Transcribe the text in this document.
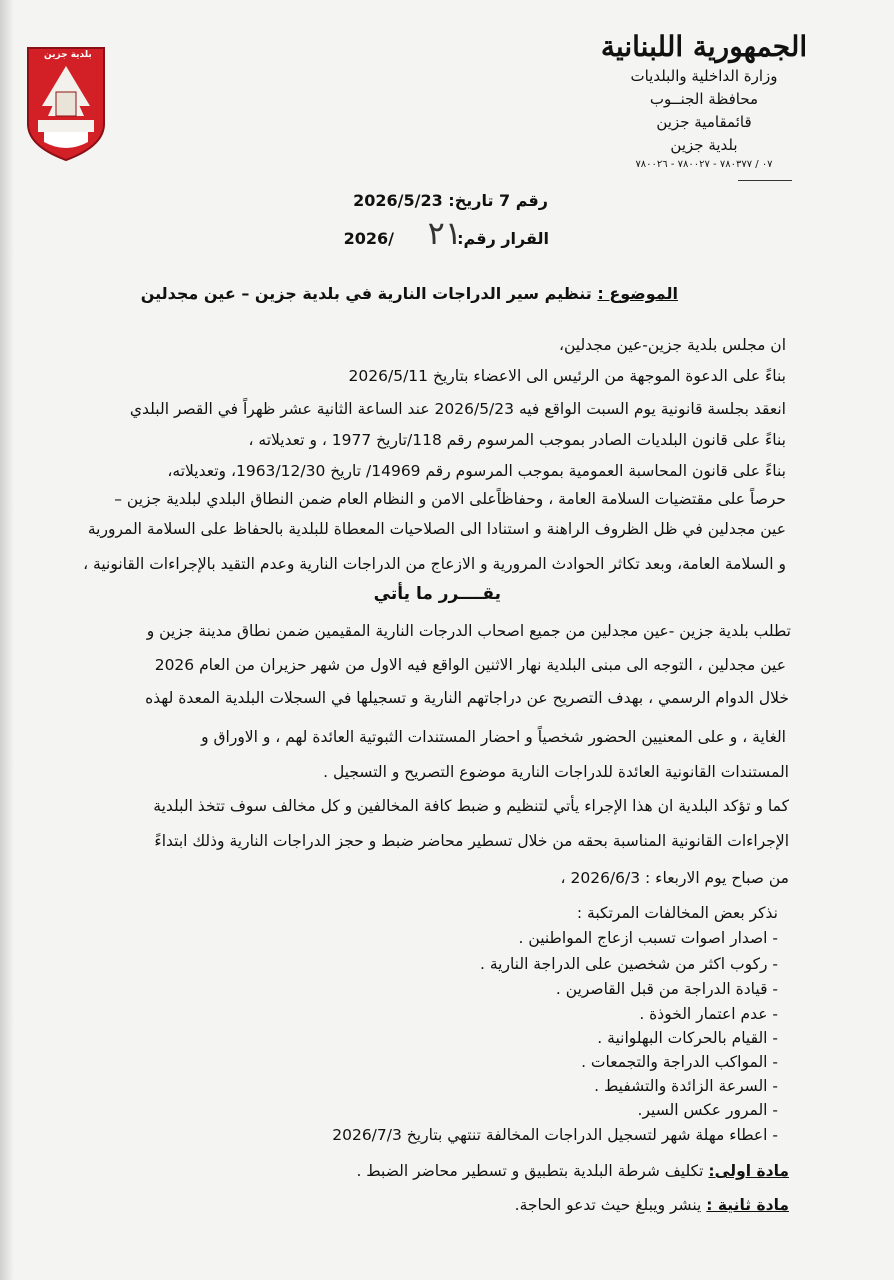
بلدية جزين	الجمهورية اللبنانية
وزارة الداخلية والبلديات
محافظة الجنــوب
قائمقامية جزين
بلدية جزين
٠٧ / ٧٨٠٣٧٧ - ٧٨٠٠٢٧ - ٧٨٠٠٢٦
رقم 7 تاريخ: 2026/5/23
القرار رقم:
٢١
2026/
الموضوع : تنظيم سير الدراجات النارية في بلدية جزين – عين مجدلين
ان مجلس بلدية جزين-عين مجدلين،
بناءً على الدعوة الموجهة من الرئيس الى الاعضاء بتاريخ 2026/5/11
انعقد بجلسة قانونية يوم السبت الواقع فيه 2026/5/23 عند الساعة الثانية عشر ظهراً في القصر البلدي
بناءً على قانون البلديات الصادر بموجب المرسوم رقم 118/تاريخ 1977 ، و تعديلاته ،
بناءً على قانون المحاسبة العمومية بموجب المرسوم رقم 14969/ تاريخ 1963/12/30، وتعديلاته،
حرصاً على مقتضيات السلامة العامة ، وحفاظاًعلى الامن و النظام العام ضمن النطاق البلدي لبلدية جزين –
عين مجدلين في ظل الظروف الراهنة و استنادا الى الصلاحيات المعطاة للبلدية بالحفاظ على السلامة المرورية
و السلامة العامة، وبعد تكاثر الحوادث المرورية و الازعاج من الدراجات النارية وعدم التقيد بالإجراءات القانونية ،
يقــــرر ما يأتي
تطلب بلدية جزين -عين مجدلين من جميع اصحاب الدرجات النارية المقيمين ضمن نطاق مدينة جزين و
عين مجدلين ، التوجه الى مبنى البلدية نهار الاثنين الواقع فيه الاول من شهر حزيران من العام 2026
خلال الدوام الرسمي ، بهدف التصريح عن دراجاتهم النارية و تسجيلها في السجلات البلدية المعدة لهذه
الغاية ، و على المعنيين الحضور شخصياً و احضار المستندات الثبوتية العائدة لهم ، و الاوراق و
المستندات القانونية العائدة للدراجات النارية موضوع التصريح و التسجيل .
كما و تؤكد البلدية ان هذا الإجراء يأتي لتنظيم و ضبط كافة المخالفين و كل مخالف سوف تتخذ البلدية
الإجراءات القانونية المناسبة بحقه من خلال تسطير محاضر ضبط و حجز الدراجات النارية وذلك ابتداءً
من صباح يوم الاربعاء : 2026/6/3 ،
نذكر بعض المخالفات المرتكبة :
- اصدار اصوات تسبب ازعاج المواطنين .
- ركوب اكثر من شخصين على الدراجة النارية .
- قيادة الدراجة من قبل القاصرين .
- عدم اعتمار الخوذة .
- القيام بالحركات البهلوانية .
- المواكب الدراجة والتجمعات .
- السرعة الزائدة والتشفيط .
- المرور عكس السير.
- اعطاء مهلة شهر لتسجيل الدراجات المخالفة تنتهي بتاريخ 2026/7/3
مادة اولى: تكليف شرطة البلدية بتطبيق و تسطير محاضر الضبط .
مادة ثانية : ينشر ويبلغ حيث تدعو الحاجة.
